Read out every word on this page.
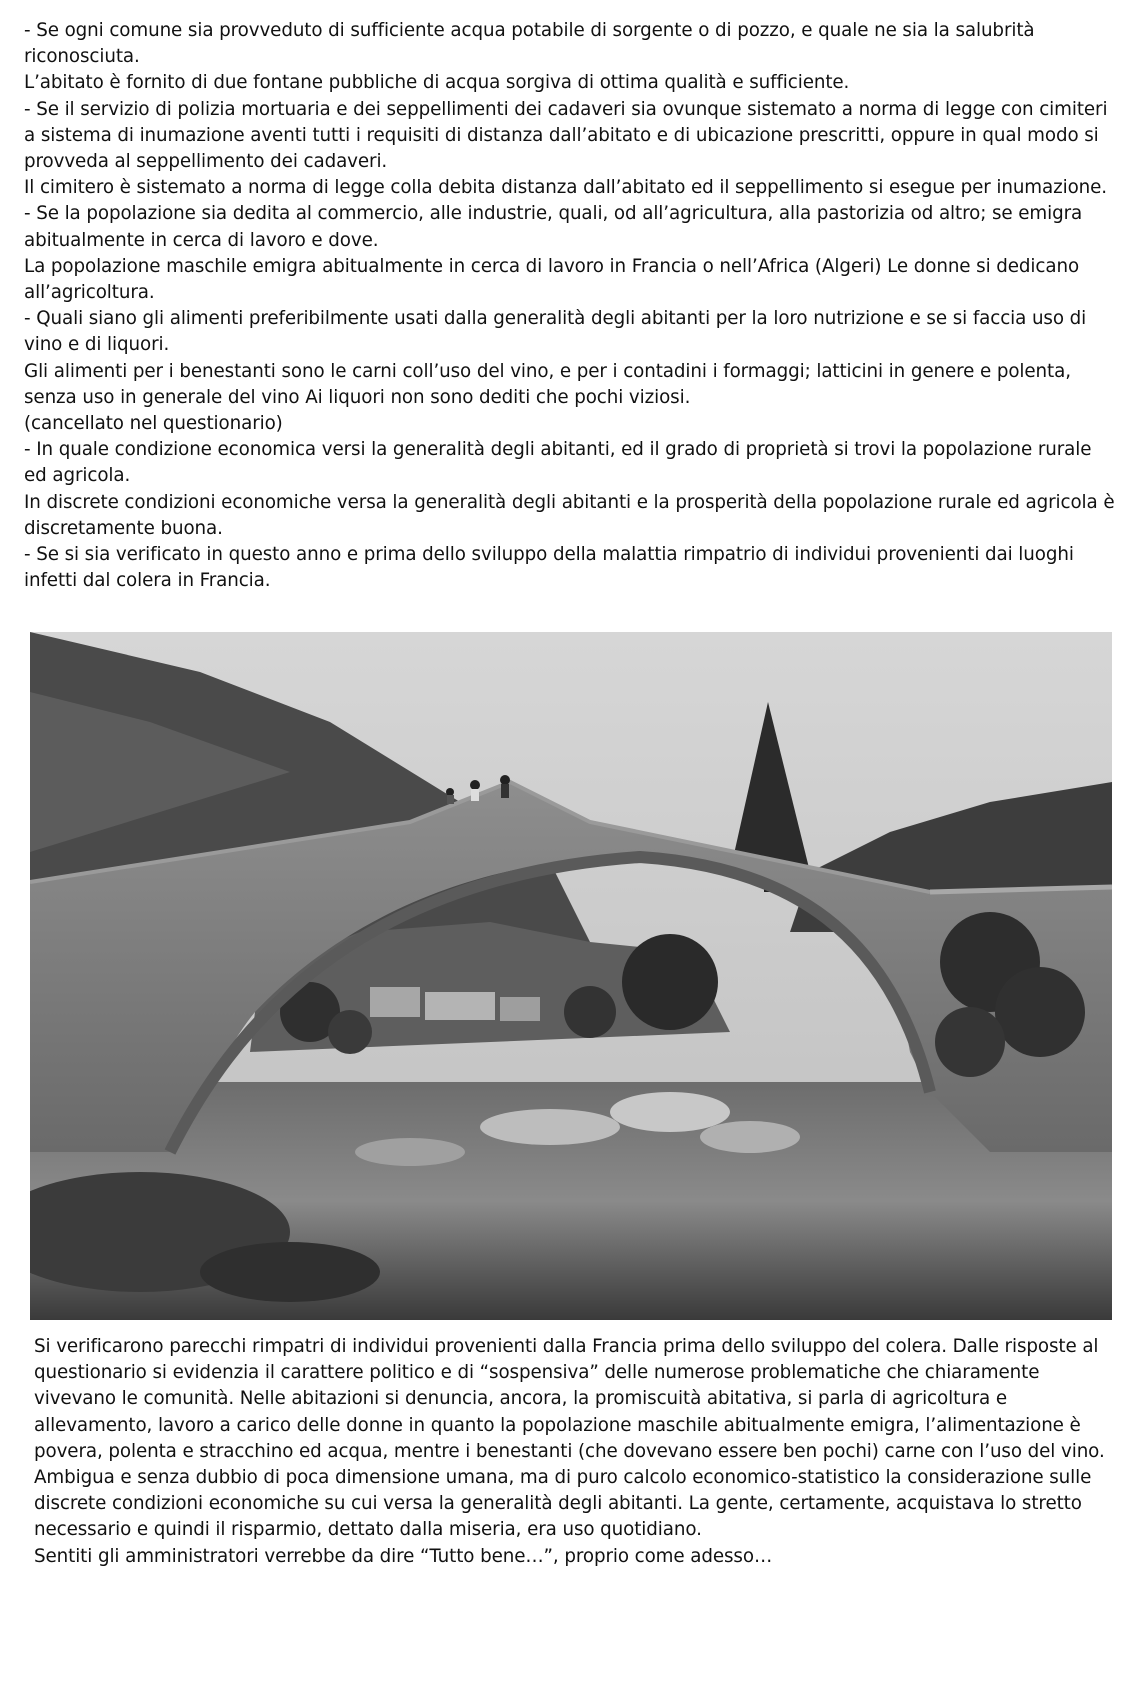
- Se ogni comune sia provveduto di sufficiente acqua potabile di sorgente o di pozzo, e quale ne sia la salubrità riconosciuta.

L’abitato è fornito di due fontane pubbliche di acqua sorgiva di ottima qualità e sufficiente.

- Se il servizio di polizia mortuaria e dei seppellimenti dei cadaveri sia ovunque sistemato a norma di legge con cimiteri a sistema di inumazione aventi tutti i requisiti di distanza dall’abitato e di ubicazione prescritti, oppure in qual modo si provveda al seppellimento dei cadaveri.

Il cimitero è sistemato a norma di legge colla debita distanza dall’abitato ed il seppellimento si esegue per inumazione.

- Se la popolazione sia dedita al commercio, alle industrie, quali, od all’agricultura, alla pastorizia od altro; se emigra abitualmente in cerca di lavoro e dove.

La popolazione maschile emigra abitualmente in cerca di lavoro in Francia o nell’Africa (Algeri) Le donne si dedicano all’agricoltura.

- Quali siano gli alimenti preferibilmente usati dalla generalità degli abitanti per la loro nutrizione e se si faccia uso di vino e di liquori.

Gli alimenti per i benestanti sono le carni coll’uso del vino, e per i contadini i formaggi; latticini in genere e polenta, senza uso in generale del vino Ai liquori non sono dediti che pochi viziosi.

(cancellato nel questionario)

- In quale condizione economica versi la generalità degli abitanti, ed il grado di proprietà si trovi la popolazione rurale ed agricola.

In discrete condizioni economiche versa la generalità degli abitanti e la prosperità della popolazione rurale ed agricola è discretamente buona.

- Se si sia verificato in questo anno e prima dello sviluppo della malattia rimpatrio di individui provenienti dai luoghi infetti dal colera in Francia.

Si verificarono parecchi rimpatri di individui provenienti dalla Francia prima dello sviluppo del colera. Dalle risposte al questionario si evidenzia il carattere politico e di “sospensiva” delle numerose problematiche che chiaramente vivevano le comunità. Nelle abitazioni si denuncia, ancora, la promiscuità abitativa, si parla di agricoltura e allevamento, lavoro a carico delle donne in quanto la popolazione maschile abitualmente emigra, l’alimentazione è povera, polenta e stracchino ed acqua, mentre i benestanti (che dovevano essere ben pochi) carne con l’uso del vino. Ambigua e senza dubbio di poca dimensione umana, ma di puro calcolo economico-statistico la considerazione sulle discrete condizioni economiche su cui versa la generalità degli abitanti. La gente, certamente, acquistava lo stretto necessario e quindi il risparmio, dettato dalla miseria, era uso quotidiano.

Sentiti gli amministratori verrebbe da dire “Tutto bene…”, proprio come adesso…
